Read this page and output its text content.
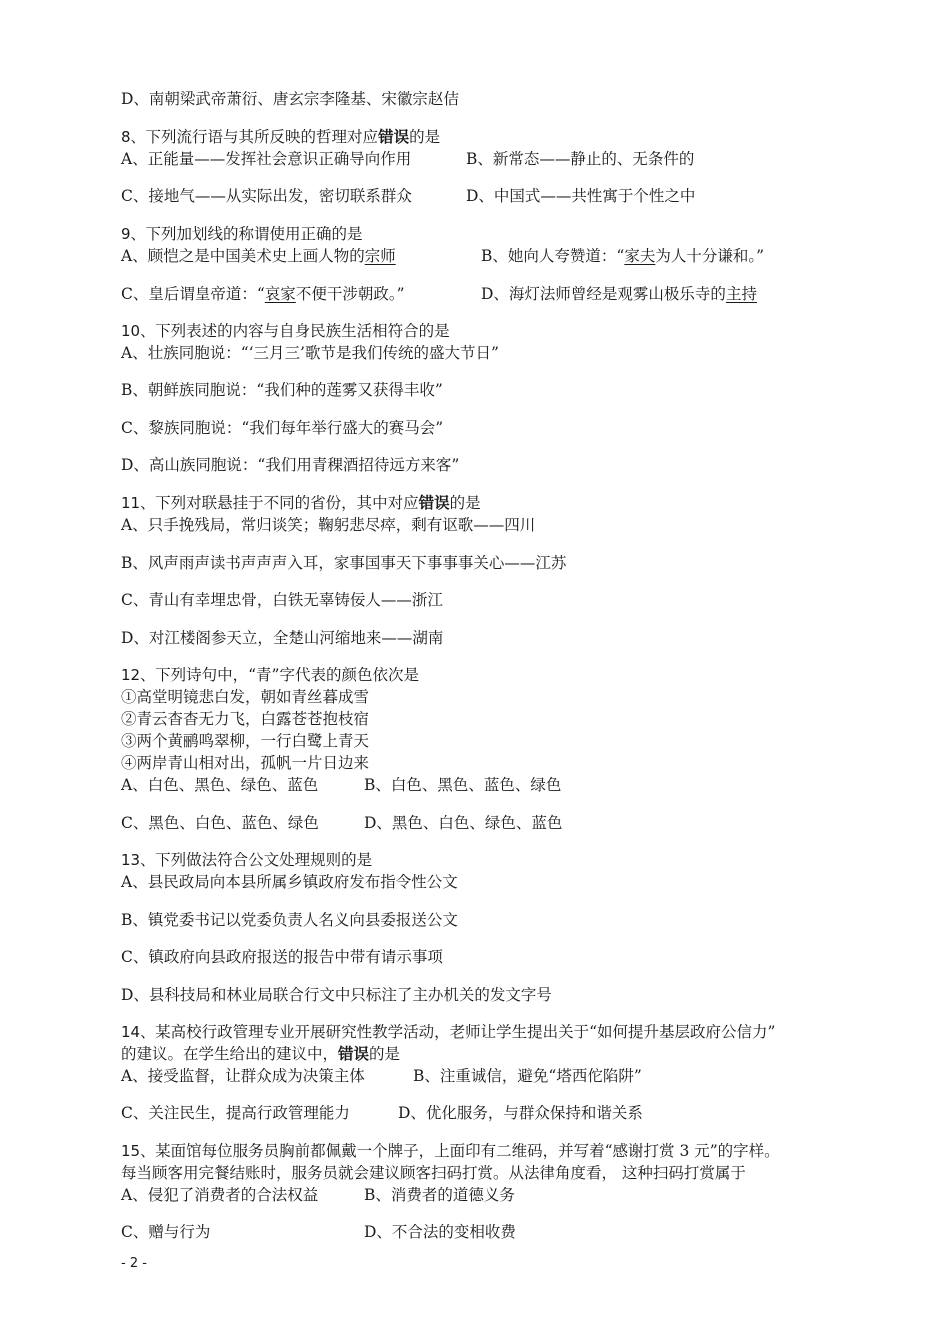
D、南朝梁武帝萧衍、唐玄宗李隆基、宋徽宗赵佶
8、下列流行语与其所反映的哲理对应错误的是
A、正能量——发挥社会意识正确导向作用	B、新常态——静止的、无条件的
C、接地气——从实际出发，密切联系群众	D、中国式——共性寓于个性之中
9、下列加划线的称谓使用正确的是
A、顾恺之是中国美术史上画人物的宗师	B、她向人夸赞道：“家夫为人十分谦和。”
C、皇后谓皇帝道：“哀家不便干涉朝政。”	D、海灯法师曾经是观雾山极乐寺的主持
10、下列表述的内容与自身民族生活相符合的是
A、壮族同胞说：“‘三月三’歌节是我们传统的盛大节日”
B、朝鲜族同胞说：“我们种的莲雾又获得丰收”
C、黎族同胞说：“我们每年举行盛大的赛马会”
D、高山族同胞说：“我们用青稞酒招待远方来客”
11、下列对联悬挂于不同的省份，其中对应错误的是
A、只手挽残局，常归谈笑；鞠躬悲尽瘁，剩有讴歌——四川
B、风声雨声读书声声声入耳，家事国事天下事事事关心——江苏
C、青山有幸埋忠骨，白铁无辜铸佞人——浙江
D、对江楼阁参天立，全楚山河缩地来——湖南
12、下列诗句中，“青”字代表的颜色依次是
①高堂明镜悲白发，朝如青丝暮成雪
②青云杳杳无力飞，白露苍苍抱枝宿
③两个黄鹂鸣翠柳，一行白鹭上青天
④两岸青山相对出，孤帆一片日边来
A、白色、黑色、绿色、蓝色	B、白色、黑色、蓝色、绿色
C、黑色、白色、蓝色、绿色	D、黑色、白色、绿色、蓝色
13、下列做法符合公文处理规则的是
A、县民政局向本县所属乡镇政府发布指令性公文
B、镇党委书记以党委负责人名义向县委报送公文
C、镇政府向县政府报送的报告中带有请示事项
D、县科技局和林业局联合行文中只标注了主办机关的发文字号
14、某高校行政管理专业开展研究性教学活动，老师让学生提出关于“如何提升基层政府公信力”
的建议。在学生给出的建议中，错误的是
A、接受监督，让群众成为决策主体	B、注重诚信，避免“塔西佗陷阱”
C、关注民生，提高行政管理能力	D、优化服务，与群众保持和谐关系
15、某面馆每位服务员胸前都佩戴一个牌子，上面印有二维码，并写着“感谢打赏 3 元”的字样。
每当顾客用完餐结账时，服务员就会建议顾客扫码打赏。从法律角度看， 这种扫码打赏属于
A、侵犯了消费者的合法权益	B、消费者的道德义务
C、赠与行为	D、不合法的变相收费
- 2 -
